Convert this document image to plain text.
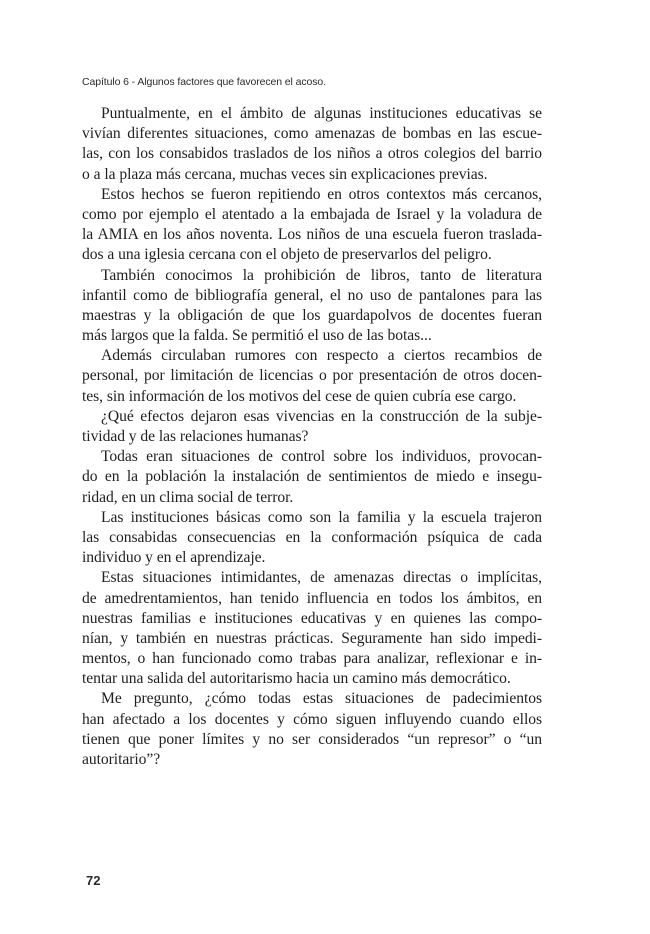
Capítulo 6 - Algunos factores que favorecen el acoso.
Puntualmente, en el ámbito de algunas instituciones educativas se
vivían diferentes situaciones, como amenazas de bombas en las escue-
las, con los consabidos traslados de los niños a otros colegios del barrio
o a la plaza más cercana, muchas veces sin explicaciones previas.
Estos hechos se fueron repitiendo en otros contextos más cercanos,
como por ejemplo el atentado a la embajada de Israel y la voladura de
la AMIA en los años noventa. Los niños de una escuela fueron traslada-
dos a una iglesia cercana con el objeto de preservarlos del peligro.
También conocimos la prohibición de libros, tanto de literatura
infantil como de bibliografía general, el no uso de pantalones para las
maestras y la obligación de que los guardapolvos de docentes fueran
más largos que la falda. Se permitió el uso de las botas...
Además circulaban rumores con respecto a ciertos recambios de
personal, por limitación de licencias o por presentación de otros docen-
tes, sin información de los motivos del cese de quien cubría ese cargo.
¿Qué efectos dejaron esas vivencias en la construcción de la subje-
tividad y de las relaciones humanas?
Todas eran situaciones de control sobre los individuos, provocan-
do en la población la instalación de sentimientos de miedo e insegu-
ridad, en un clima social de terror.
Las instituciones básicas como son la familia y la escuela trajeron
las consabidas consecuencias en la conformación psíquica de cada
individuo y en el aprendizaje.
Estas situaciones intimidantes, de amenazas directas o implícitas,
de amedrentamientos, han tenido influencia en todos los ámbitos, en
nuestras familias e instituciones educativas y en quienes las compo-
nían, y también en nuestras prácticas. Seguramente han sido impedi-
mentos, o han funcionado como trabas para analizar, reflexionar e in-
tentar una salida del autoritarismo hacia un camino más democrático.
Me pregunto, ¿cómo todas estas situaciones de padecimientos
han afectado a los docentes y cómo siguen influyendo cuando ellos
tienen que poner límites y no ser considerados “un represor” o “un
autoritario”?
72
